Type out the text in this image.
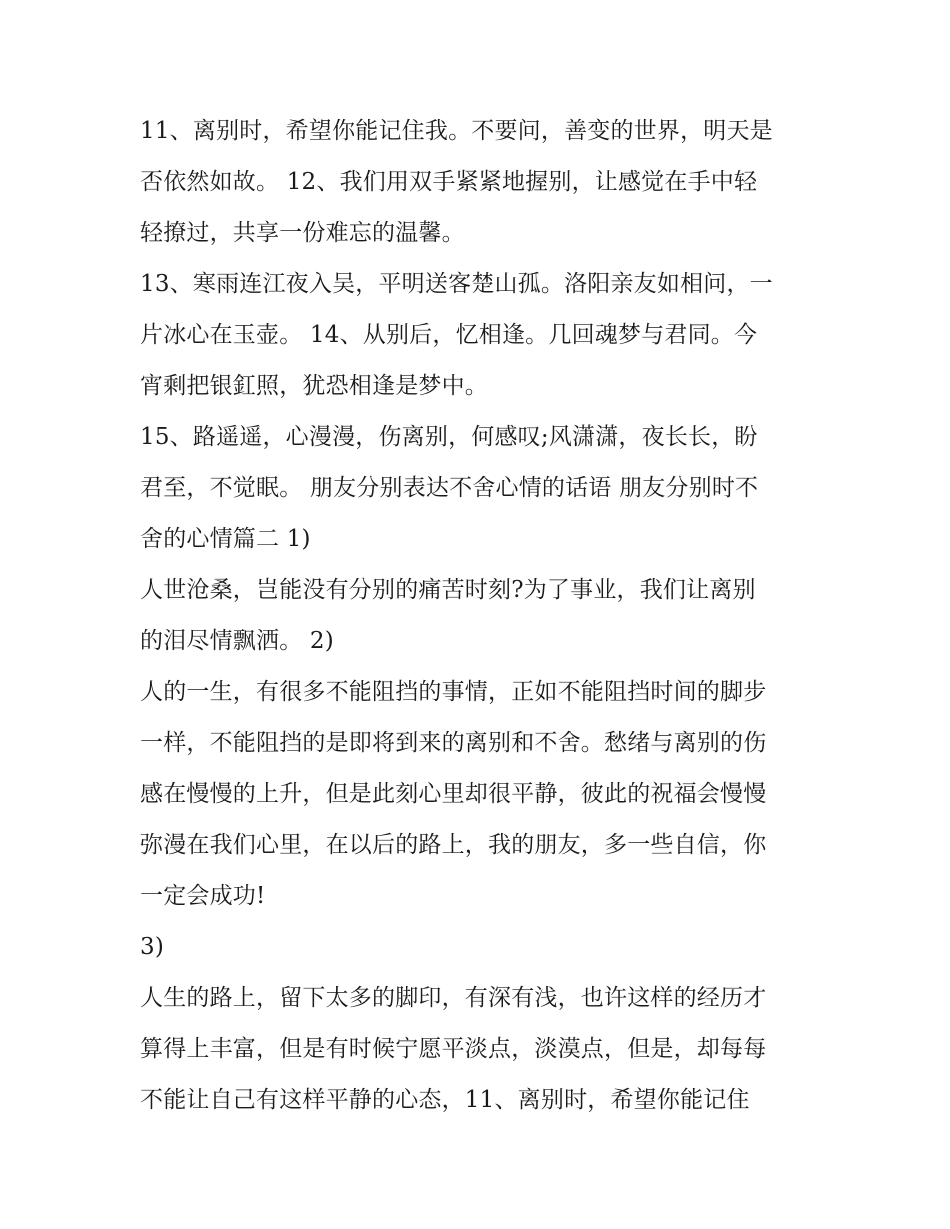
11、离别时，希望你能记住我。不要问，善变的世界，明天是
否依然如故。 12、我们用双手紧紧地握别，让感觉在手中轻
轻撩过，共享一份难忘的温馨。
13、寒雨连江夜入吴，平明送客楚山孤。洛阳亲友如相问，一
片冰心在玉壶。 14、从别后，忆相逢。几回魂梦与君同。今
宵剩把银釭照，犹恐相逢是梦中。
15、路遥遥，心漫漫，伤离别，何感叹;风潇潇，夜长长，盼
君至，不觉眠。 朋友分别表达不舍心情的话语 朋友分别时不
舍的心情篇二 1)
人世沧桑，岂能没有分别的痛苦时刻?为了事业，我们让离别
的泪尽情飘洒。 2)
人的一生，有很多不能阻挡的事情，正如不能阻挡时间的脚步
一样，不能阻挡的是即将到来的离别和不舍。愁绪与离别的伤
感在慢慢的上升，但是此刻心里却很平静，彼此的祝福会慢慢
弥漫在我们心里，在以后的路上，我的朋友，多一些自信，你
一定会成功!
3)
人生的路上，留下太多的脚印，有深有浅，也许这样的经历才
算得上丰富，但是有时候宁愿平淡点，淡漠点，但是，却每每
不能让自己有这样平静的心态，11、离别时，希望你能记住
